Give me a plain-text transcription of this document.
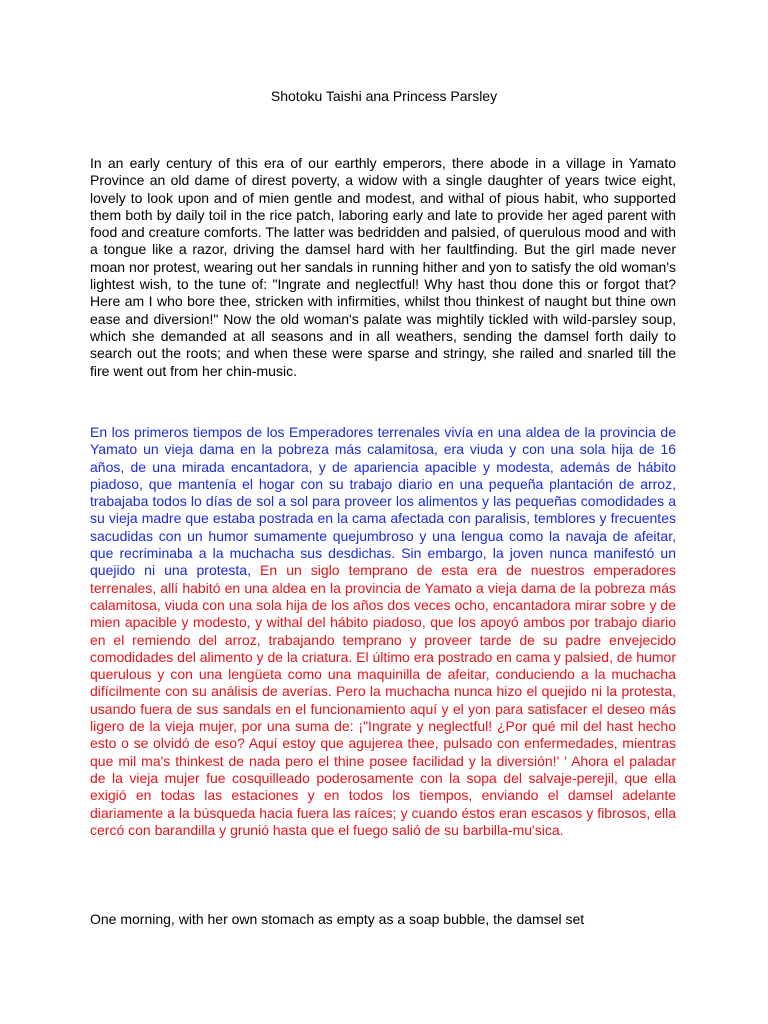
Shotoku Taishi ana Princess Parsley

In an early century of this era of our earthly emperors, there abode in a village in Yamato Province an old dame of direst poverty, a widow with a single daughter of years twice eight, lovely to look upon and of mien gentle and modest, and withal of pious habit, who supported them both by daily toil in the rice patch, laboring early and late to provide her aged parent with food and creature comforts. The latter was bedridden and palsied, of querulous mood and with a tongue like a razor, driving the damsel hard with her faultfinding. But the girl made never moan nor protest, wearing out her sandals in running hither and yon to satisfy the old woman's lightest wish, to the tune of: "Ingrate and neglectful! Why hast thou done this or forgot that? Here am I who bore thee, stricken with infirmities, whilst thou thinkest of naught but thine own ease and diversion!" Now the old woman's palate was mightily tickled with wild-parsley soup, which she demanded at all seasons and in all weathers, sending the damsel forth daily to search out the roots; and when these were sparse and stringy, she railed and snarled till the fire went out from her chin-music.

En los primeros tiempos de los Emperadores terrenales vivía en una aldea de la provincia de Yamato un vieja dama en la pobreza más calamitosa, era viuda y con una sola hija de 16 años, de una mirada encantadora, y de apariencia apacible y modesta, además de hábito piadoso, que mantenía el hogar con su trabajo diario en una pequeña plantación de arroz, trabajaba todos lo días de sol a sol para proveer los alimentos y las pequeñas comodidades a su vieja madre que estaba postrada en la cama afectada con paralisis, temblores y frecuentes sacudidas con un humor sumamente quejumbroso y una lengua como la navaja de afeitar, que recriminaba a la muchacha sus desdichas. Sin embargo, la joven nunca manifestó un quejido ni una protesta, En un siglo temprano de esta era de nuestros emperadores terrenales, allí habitó en una aldea en la provincia de Yamato a vieja dama de la pobreza más calamitosa, viuda con una sola hija de los años dos veces ocho, encantadora mirar sobre y de mien apacible y modesto, y withal del hábito piadoso, que los apoyó ambos por trabajo diario en el remiendo del arroz, trabajando temprano y proveer tarde de su padre envejecido comodidades del alimento y de la criatura. El último era postrado en cama y palsied, de humor querulous y con una lengüeta como una maquinilla de afeitar, conduciendo a la muchacha difícilmente con su análisis de averías. Pero la muchacha nunca hizo el quejido ni la protesta, usando fuera de sus sandals en el funcionamiento aquí y el yon para satisfacer el deseo más ligero de la vieja mujer, por una suma de: ¡"Ingrate y neglectful! ¿Por qué mil del hast hecho esto o se olvidó de eso? Aquí estoy que agujerea thee, pulsado con enfermedades, mientras que mil ma's thinkest de nada pero el thine posee facilidad y la diversión!' ' Ahora el paladar de la vieja mujer fue cosquilleado poderosamente con la sopa del salvaje-perejil, que ella exigió en todas las estaciones y en todos los tiempos, enviando el damsel adelante diariamente a la búsqueda hacia fuera las raíces; y cuando éstos eran escasos y fibrosos, ella cercó con barandilla y grunió hasta que el fuego salió de su barbilla-mu'sica.

One morning, with her own stomach as empty as a soap bubble, the damsel set
